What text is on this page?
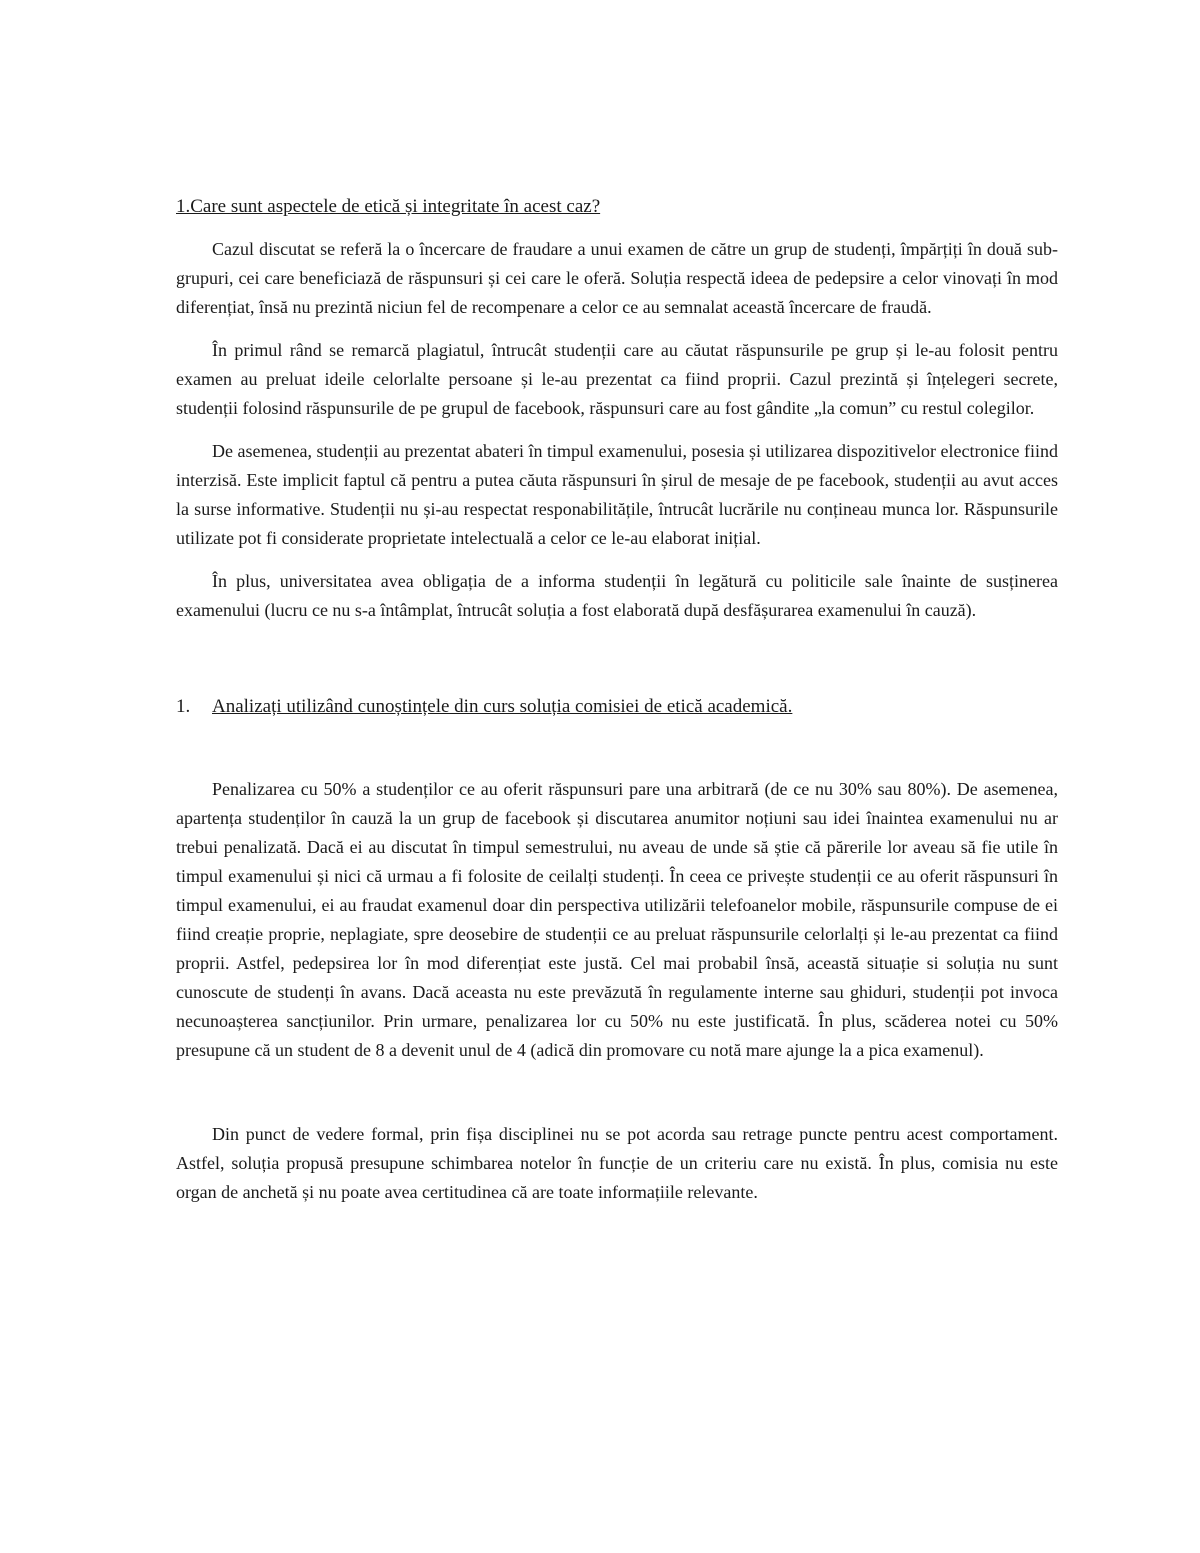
1.Care sunt aspectele de etică și integritate în acest caz?

Cazul discutat se referă la o încercare de fraudare a unui examen de către un grup de studenți, împărțiți în două sub-grupuri, cei care beneficiază de răspunsuri și cei care le oferă. Soluția respectă ideea de pedepsire a celor vinovați în mod diferențiat, însă nu prezintă niciun fel de recompenare a celor ce au semnalat această încercare de fraudă.

În primul rând se remarcă plagiatul, întrucât studenții care au căutat răspunsurile pe grup și le-au folosit pentru examen au preluat ideile celorlalte persoane și le-au prezentat ca fiind proprii. Cazul prezintă și înțelegeri secrete, studenții folosind răspunsurile de pe grupul de facebook, răspunsuri care au fost gândite „la comun” cu restul colegilor.

De asemenea, studenții au prezentat abateri în timpul examenului, posesia și utilizarea dispozitivelor electronice fiind interzisă. Este implicit faptul că pentru a putea căuta răspunsuri în șirul de mesaje de pe facebook, studenții au avut acces la surse informative. Studenții nu și-au respectat responabilitățile, întrucât lucrările nu conțineau munca lor. Răspunsurile utilizate pot fi considerate proprietate intelectuală a celor ce le-au elaborat inițial.

În plus, universitatea avea obligația de a informa studenții în legătură cu politicile sale înainte de susținerea examenului (lucru ce nu s-a întâmplat, întrucât soluția a fost elaborată după desfășurarea examenului în cauză).

1.	Analizați utilizând cunoștințele din curs soluția comisiei de etică academică.

Penalizarea cu 50% a studenților ce au oferit răspunsuri pare una arbitrară (de ce nu 30% sau 80%). De asemenea, apartența studenților în cauză la un grup de facebook și discutarea anumitor noțiuni sau idei înaintea examenului nu ar trebui penalizată. Dacă ei au discutat în timpul semestrului, nu aveau de unde să știe că părerile lor aveau să fie utile în timpul examenului și nici că urmau a fi folosite de ceilalți studenți. În ceea ce privește studenții ce au oferit răspunsuri în timpul examenului, ei au fraudat examenul doar din perspectiva utilizării telefoanelor mobile, răspunsurile compuse de ei fiind creație proprie, neplagiate, spre deosebire de studenții ce au preluat răspunsurile celorlalți și le-au prezentat ca fiind proprii. Astfel, pedepsirea lor în mod diferențiat este justă. Cel mai probabil însă, această situație si soluția nu sunt cunoscute de studenți în avans. Dacă aceasta nu este prevăzută în regulamente interne sau ghiduri, studenții pot invoca necunoașterea sancțiunilor. Prin urmare, penalizarea lor cu 50% nu este justificată. În plus, scăderea notei cu 50% presupune că un student de 8 a devenit unul de 4 (adică din promovare cu notă mare ajunge la a pica examenul).

Din punct de vedere formal, prin fișa disciplinei nu se pot acorda sau retrage puncte pentru acest comportament. Astfel, soluția propusă presupune schimbarea notelor în funcție de un criteriu care nu există. În plus, comisia nu este organ de anchetă și nu poate avea certitudinea că are toate informațiile relevante.
